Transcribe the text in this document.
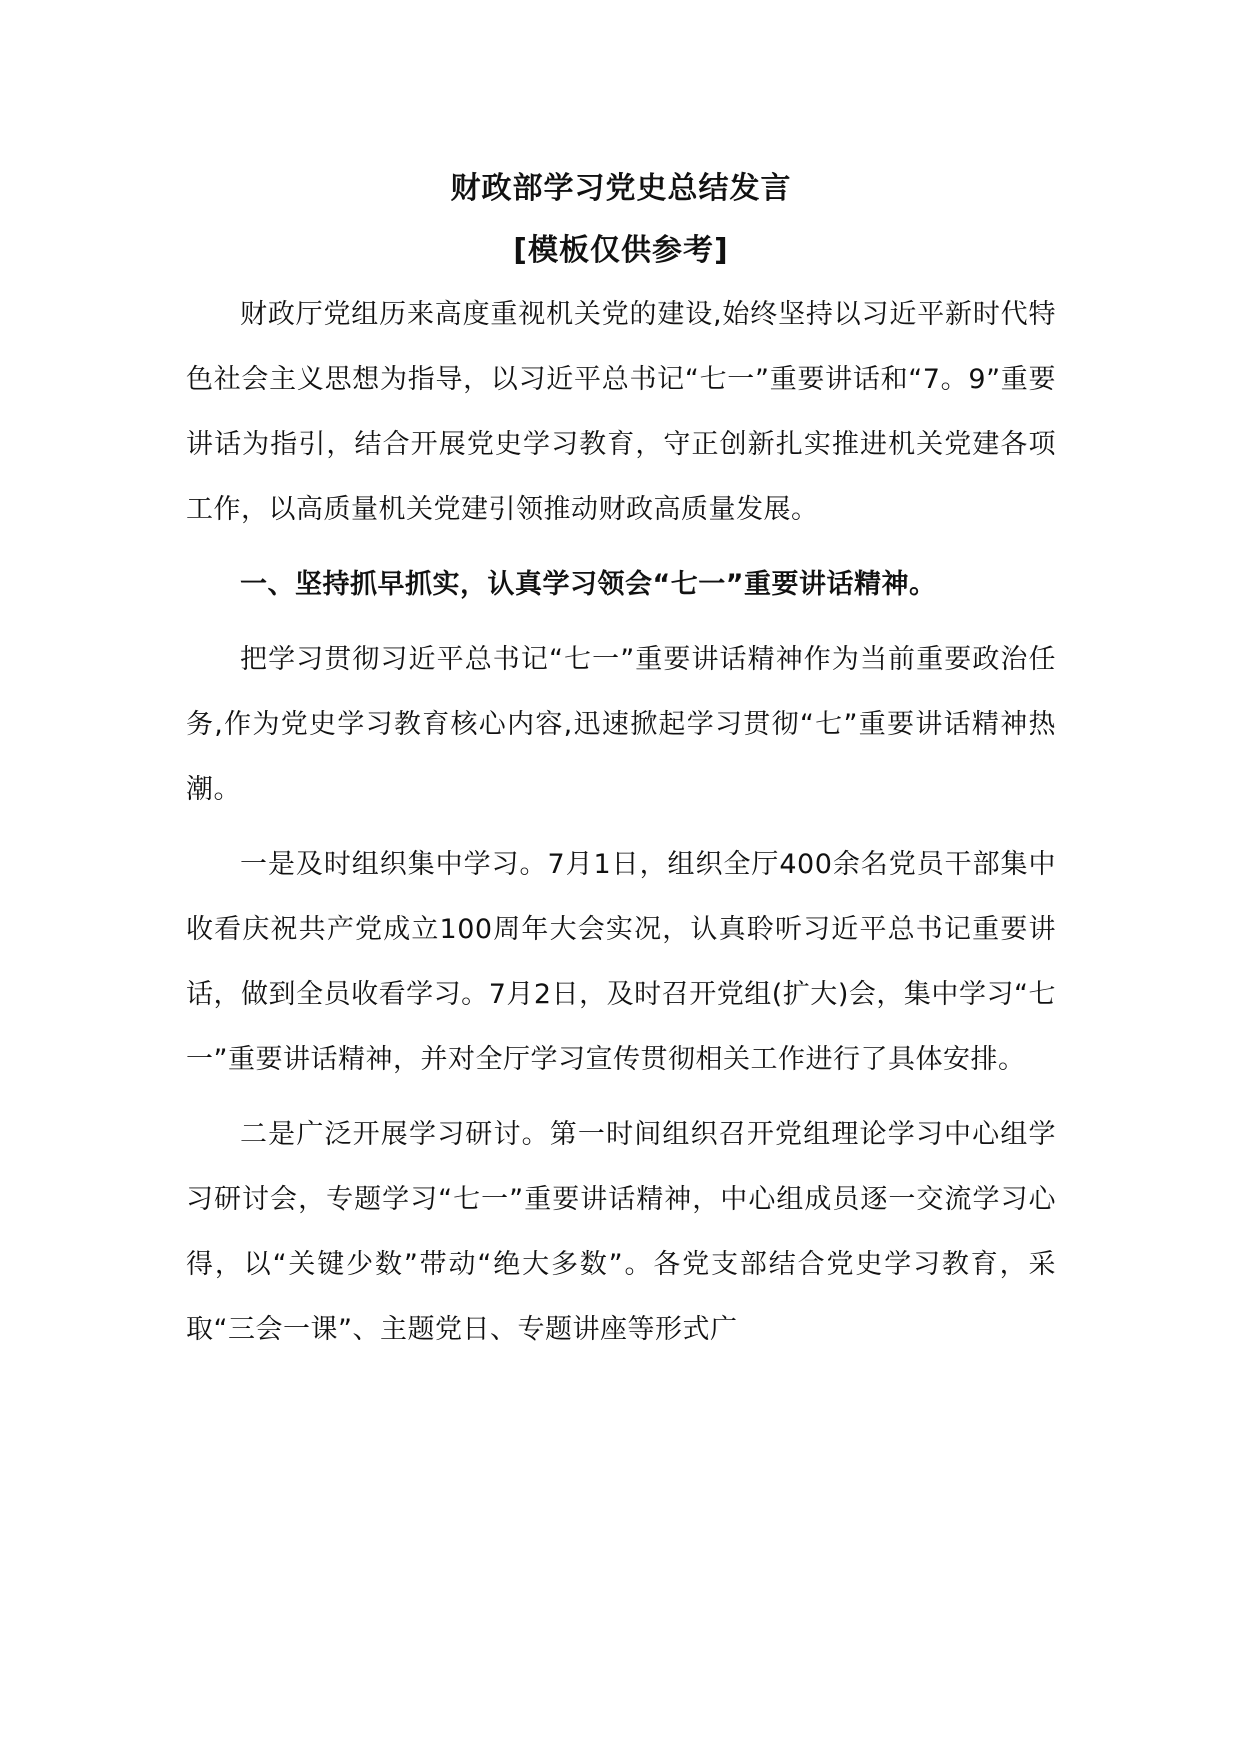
财政部学习党史总结发言
[模板仅供参考]

财政厅党组历来高度重视机关党的建设,始终坚持以习近平新时代特色社会主义思想为指导，以习近平总书记“七一”重要讲话和“7。9”重要讲话为指引，结合开展党史学习教育，守正创新扎实推进机关党建各项工作，以高质量机关党建引领推动财政高质量发展。

一、坚持抓早抓实，认真学习领会“七一”重要讲话精神。

把学习贯彻习近平总书记“七一”重要讲话精神作为当前重要政治任务,作为党史学习教育核心内容,迅速掀起学习贯彻“七”重要讲话精神热潮。

一是及时组织集中学习。7月1日，组织全厅400余名党员干部集中收看庆祝共产党成立100周年大会实况，认真聆听习近平总书记重要讲话，做到全员收看学习。7月2日，及时召开党组(扩大)会，集中学习“七一”重要讲话精神，并对全厅学习宣传贯彻相关工作进行了具体安排。

二是广泛开展学习研讨。第一时间组织召开党组理论学习中心组学习研讨会，专题学习“七一”重要讲话精神，中心组成员逐一交流学习心得，以“关键少数”带动“绝大多数”。各党支部结合党史学习教育，采取“三会一课”、主题党日、专题讲座等形式广
